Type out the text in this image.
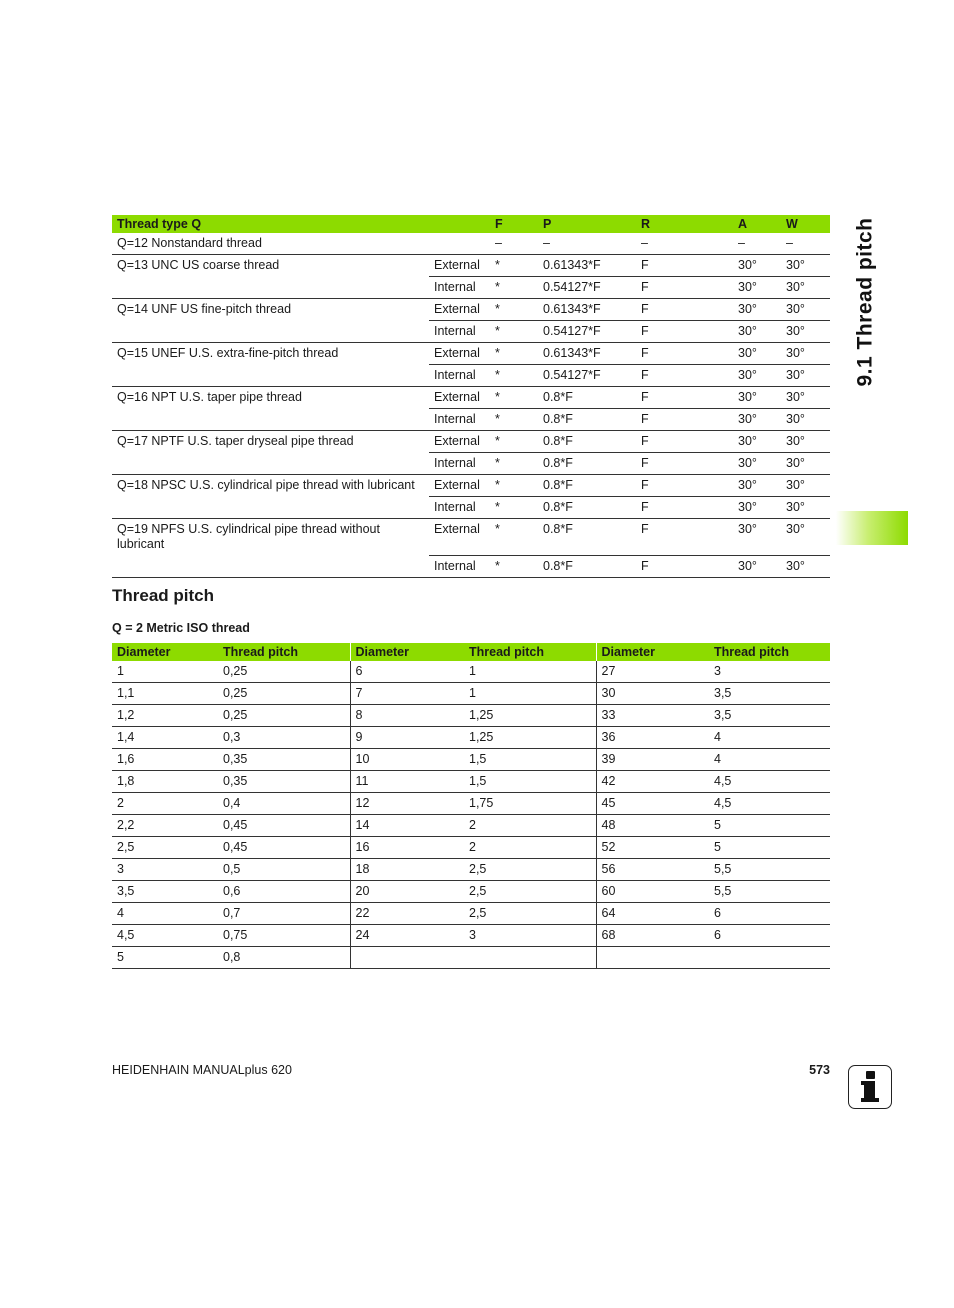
9.1 Thread pitch
Thread type Q		F	P	R	A	W
Q=12 Nonstandard thread		–	–	–	–	–
Q=13 UNC US coarse thread	External	*	0.61343*F	F	30°	30°
	Internal	*	0.54127*F	F	30°	30°
Q=14 UNF US fine-pitch thread	External	*	0.61343*F	F	30°	30°
	Internal	*	0.54127*F	F	30°	30°
Q=15 UNEF U.S. extra-fine-pitch thread	External	*	0.61343*F	F	30°	30°
	Internal	*	0.54127*F	F	30°	30°
Q=16 NPT U.S. taper pipe thread	External	*	0.8*F	F	30°	30°
	Internal	*	0.8*F	F	30°	30°
Q=17 NPTF U.S. taper dryseal pipe thread	External	*	0.8*F	F	30°	30°
	Internal	*	0.8*F	F	30°	30°
Q=18 NPSC U.S. cylindrical pipe thread with lubricant	External	*	0.8*F	F	30°	30°
	Internal	*	0.8*F	F	30°	30°
Q=19 NPFS U.S. cylindrical pipe thread without lubricant	External	*	0.8*F	F	30°	30°
	Internal	*	0.8*F	F	30°	30°
Thread pitch
Q = 2 Metric ISO thread
Diameter	Thread pitch	Diameter	Thread pitch	Diameter	Thread pitch
1	0,25	6	1	27	3
1,1	0,25	7	1	30	3,5
1,2	0,25	8	1,25	33	3,5
1,4	0,3	9	1,25	36	4
1,6	0,35	10	1,5	39	4
1,8	0,35	11	1,5	42	4,5
2	0,4	12	1,75	45	4,5
2,2	0,45	14	2	48	5
2,5	0,45	16	2	52	5
3	0,5	18	2,5	56	5,5
3,5	0,6	20	2,5	60	5,5
4	0,7	22	2,5	64	6
4,5	0,75	24	3	68	6
5	0,8				
HEIDENHAIN MANUALplus 620	573
